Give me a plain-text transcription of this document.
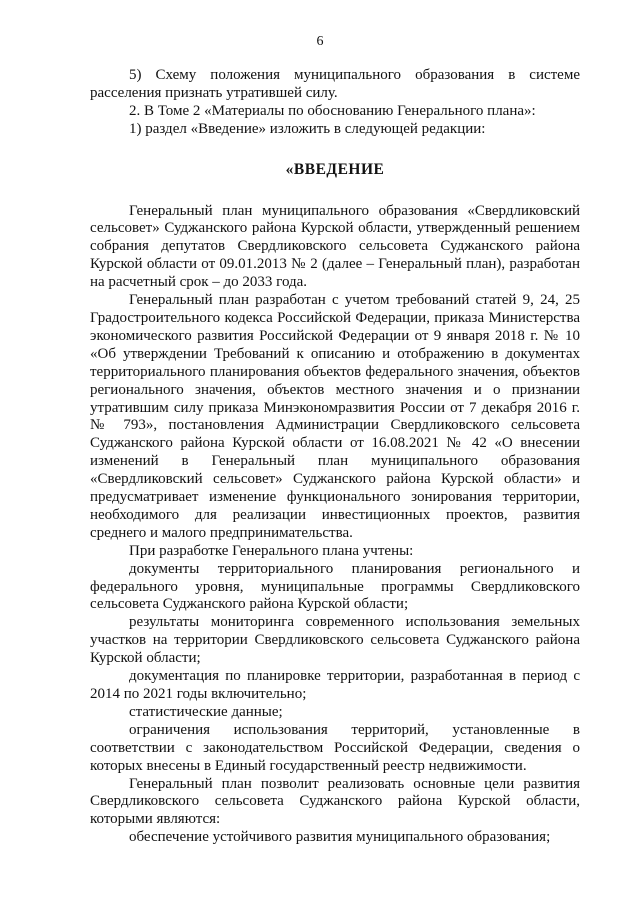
6

5) Схему положения муниципального образования в системе расселения признать утратившей силу.

2. В Томе 2 «Материалы по обоснованию Генерального плана»:

1) раздел «Введение» изложить в следующей редакции:

«ВВЕДЕНИЕ

Генеральный план муниципального образования «Свердликовский сельсовет» Суджанского района Курской области, утвержденный решением собрания депутатов Свердликовского сельсовета Суджанского района Курской области от 09.01.2013 № 2 (далее – Генеральный план), разработан на расчетный срок – до 2033 года.

Генеральный план разработан с учетом требований статей 9, 24, 25 Градостроительного кодекса Российской Федерации, приказа Министерства экономического развития Российской Федерации от 9 января 2018 г. № 10 «Об утверждении Требований к описанию и отображению в документах территориального планирования объектов федерального значения, объектов регионального значения, объектов местного значения и о признании утратившим силу приказа Минэкономразвития России от 7 декабря 2016 г. № 793», постановления Администрации Свердликовского сельсовета Суджанского района Курской области от 16.08.2021 № 42 «О внесении изменений в Генеральный план муниципального образования «Свердликовский сельсовет» Суджанского района Курской области» и предусматривает изменение функционального зонирования территории, необходимого для реализации инвестиционных проектов, развития среднего и малого предпринимательства.

При разработке Генерального плана учтены:

документы территориального планирования регионального и федерального уровня, муниципальные программы Свердликовского сельсовета Суджанского района Курской области;

результаты мониторинга современного использования земельных участков на территории Свердликовского сельсовета Суджанского района Курской области;

документация по планировке территории, разработанная в период с 2014 по 2021 годы включительно;

статистические данные;

ограничения использования территорий, установленные в соответствии с законодательством Российской Федерации, сведения о которых внесены в Единый государственный реестр недвижимости.

Генеральный план позволит реализовать основные цели развития Свердликовского сельсовета Суджанского района Курской области, которыми являются:

обеспечение устойчивого развития муниципального образования;
